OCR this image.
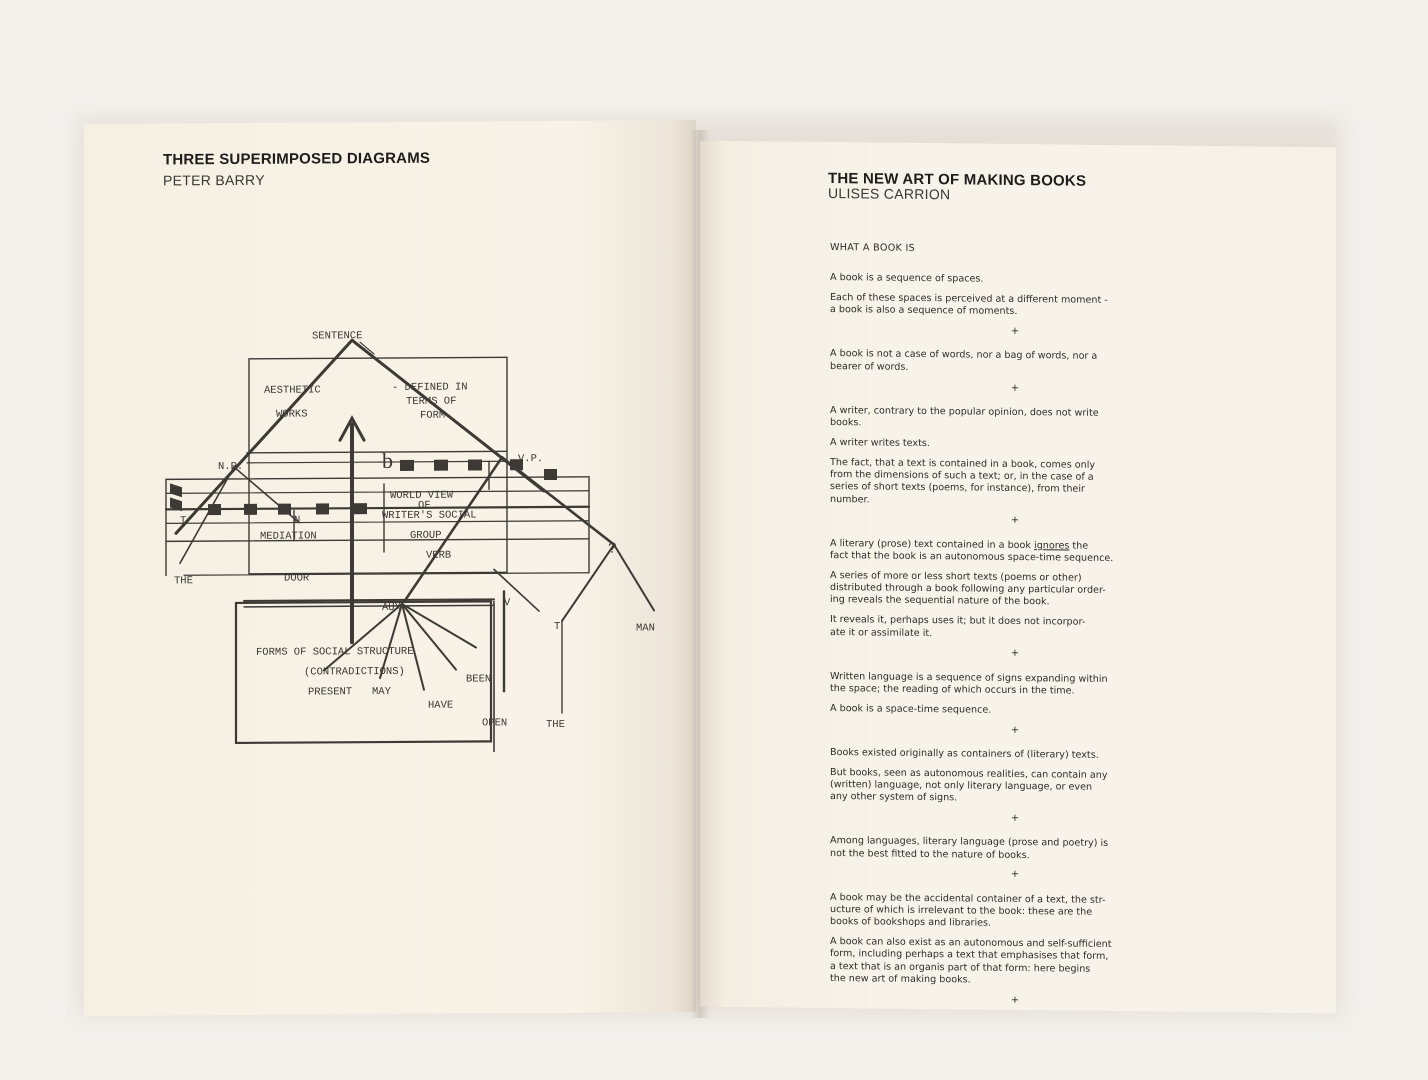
THREE SUPERIMPOSED DIAGRAMS
PETER BARRY
SENTENCE
AESTHETIC
WORKS
- DEFINED IN
TERMS OF
FORM
N.P.
V.P.
b
T	N
WORLD VIEW
OF
WRITER'S SOCIAL
GROUP
MEDIATION
VERB	?
THE	DOOR
AUX	V
T	MAN
FORMS OF SOCIAL STRUCTURE
(CONTRADICTIONS)
PRESENT MAY
BEEN
HAVE
OPEN	THE
THE NEW ART OF MAKING BOOKS
ULISES CARRION

WHAT A BOOK IS

A book is a sequence of spaces.

Each of these spaces is perceived at a different moment -
a book is also a sequence of moments.

+

A book is not a case of words, nor a bag of words, nor a
bearer of words.

+

A writer, contrary to the popular opinion, does not write
books.

A writer writes texts.

The fact, that a text is contained in a book, comes only
from the dimensions of such a text; or, in the case of a
series of short texts (poems, for instance), from their
number.

+

A literary (prose) text contained in a book ignores the
fact that the book is an autonomous space-time sequence.

A series of more or less short texts (poems or other)
distributed through a book following any particular order-
ing reveals the sequential nature of the book.

It reveals it, perhaps uses it; but it does not incorpor-
ate it or assimilate it.

+

Written language is a sequence of signs expanding within
the space; the reading of which occurs in the time.

A book is a space-time sequence.

+

Books existed originally as containers of (literary) texts.

But books, seen as autonomous realities, can contain any
(written) language, not only literary language, or even
any other system of signs.

+

Among languages, literary language (prose and poetry) is
not the best fitted to the nature of books.

+

A book may be the accidental container of a text, the str-
ucture of which is irrelevant to the book: these are the
books of bookshops and libraries.

A book can also exist as an autonomous and self-sufficient
form, including perhaps a text that emphasises that form,
a text that is an organis part of that form: here begins
the new art of making books.

+
